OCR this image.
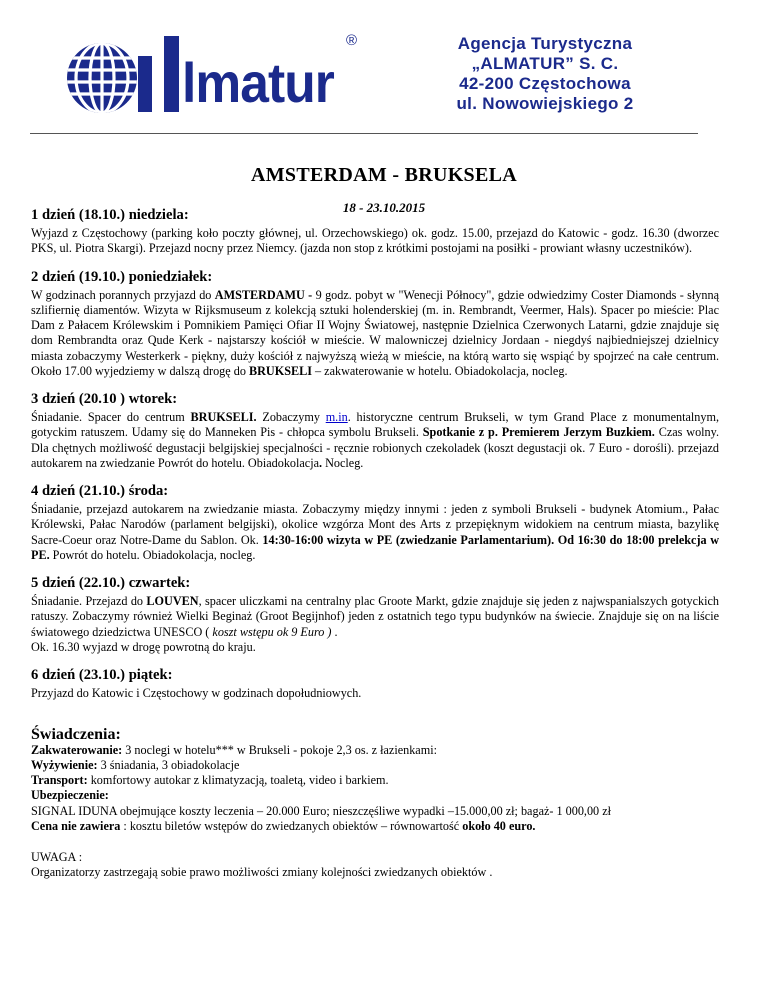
lmatur
®	Agencja Turystyczna
„ALMATUR” S. C.
42-200 Częstochowa
ul. Nowowiejskiego 2
AMSTERDAM - BRUKSELA
18 - 23.10.2015
1 dzień (18.10.) niedziela:

Wyjazd z Częstochowy (parking koło poczty głównej, ul. Orzechowskiego) ok. godz. 15.00, przejazd do Katowic - godz. 16.30 (dworzec PKS, ul. Piotra Skargi). Przejazd nocny przez Niemcy. (jazda non stop z krótkimi postojami na posiłki - prowiant własny uczestników).

2 dzień (19.10.) poniedziałek:

W godzinach porannych przyjazd do AMSTERDAMU - 9 godz. pobyt w "Wenecji Północy", gdzie odwiedzimy Coster Diamonds - słynną szlifiernię diamentów. Wizyta w Rijksmuseum z kolekcją sztuki holenderskiej (m. in. Rembrandt, Veermer, Hals). Spacer po mieście: Plac Dam z Pałacem Królewskim i Pomnikiem Pamięci Ofiar II Wojny Światowej, następnie Dzielnica Czerwonych Latarni, gdzie znajduje się dom Rembrandta oraz Qude Kerk - najstarszy kościół w mieście. W malowniczej dzielnicy Jordaan - niegdyś najbiedniejszej dzielnicy miasta zobaczymy Westerkerk - piękny, duży kościół z najwyższą wieżą w mieście, na którą warto się wspiąć by spojrzeć na całe centrum. Około 17.00 wyjedziemy w dalszą drogę do BRUKSELI – zakwaterowanie w hotelu. Obiadokolacja, nocleg.

3 dzień (20.10 ) wtorek:

Śniadanie. Spacer do centrum BRUKSELI. Zobaczymy m.in. historyczne centrum Brukseli, w tym Grand Place z monumentalnym, gotyckim ratuszem. Udamy się do Manneken Pis - chłopca symbolu Brukseli. Spotkanie z p. Premierem Jerzym Buzkiem. Czas wolny. Dla chętnych możliwość degustacji belgijskiej specjalności - ręcznie robionych czekoladek (koszt degustacji ok. 7 Euro - dorośli). przejazd autokarem na zwiedzanie Powrót do hotelu. Obiadokolacja. Nocleg.

4 dzień (21.10.) środa:

Śniadanie, przejazd autokarem na zwiedzanie miasta. Zobaczymy między innymi : jeden z symboli Brukseli - budynek Atomium., Pałac Królewski, Pałac Narodów (parlament belgijski), okolice wzgórza Mont des Arts z przepięknym widokiem na centrum miasta, bazylikę Sacre-Coeur oraz Notre-Dame du Sablon. Ok. 14:30-16:00 wizyta w PE (zwiedzanie Parlamentarium). Od 16:30 do 18:00 prelekcja w PE. Powrót do hotelu. Obiadokolacja, nocleg.

5 dzień (22.10.) czwartek:

Śniadanie. Przejazd do LOUVEN, spacer uliczkami na centralny plac Groote Markt, gdzie znajduje się jeden z najwspanialszych gotyckich ratuszy. Zobaczymy również Wielki Beginaż (Groot Begijnhof) jeden z ostatnich tego typu budynków na świecie. Znajduje się on na liście światowego dziedzictwa UNESCO ( koszt wstępu ok 9 Euro ) .
Ok. 16.30 wyjazd w drogę powrotną do kraju.

6 dzień (23.10.) piątek:

Przyjazd do Katowic i Częstochowy w godzinach dopołudniowych.

Świadczenia:

Zakwaterowanie: 3 noclegi w hotelu*** w Brukseli - pokoje 2,3 os. z łazienkami:

Wyżywienie: 3 śniadania, 3 obiadokolacje

Transport: komfortowy autokar z klimatyzacją, toaletą, video i barkiem.

Ubezpieczenie:

SIGNAL IDUNA obejmujące koszty leczenia – 20.000 Euro; nieszczęśliwe wypadki –15.000,00 zł; bagaż- 1 000,00 zł

Cena nie zawiera : kosztu biletów wstępów do zwiedzanych obiektów – równowartość około 40 euro.

UWAGA :

Organizatorzy zastrzegają sobie prawo możliwości zmiany kolejności zwiedzanych obiektów .
